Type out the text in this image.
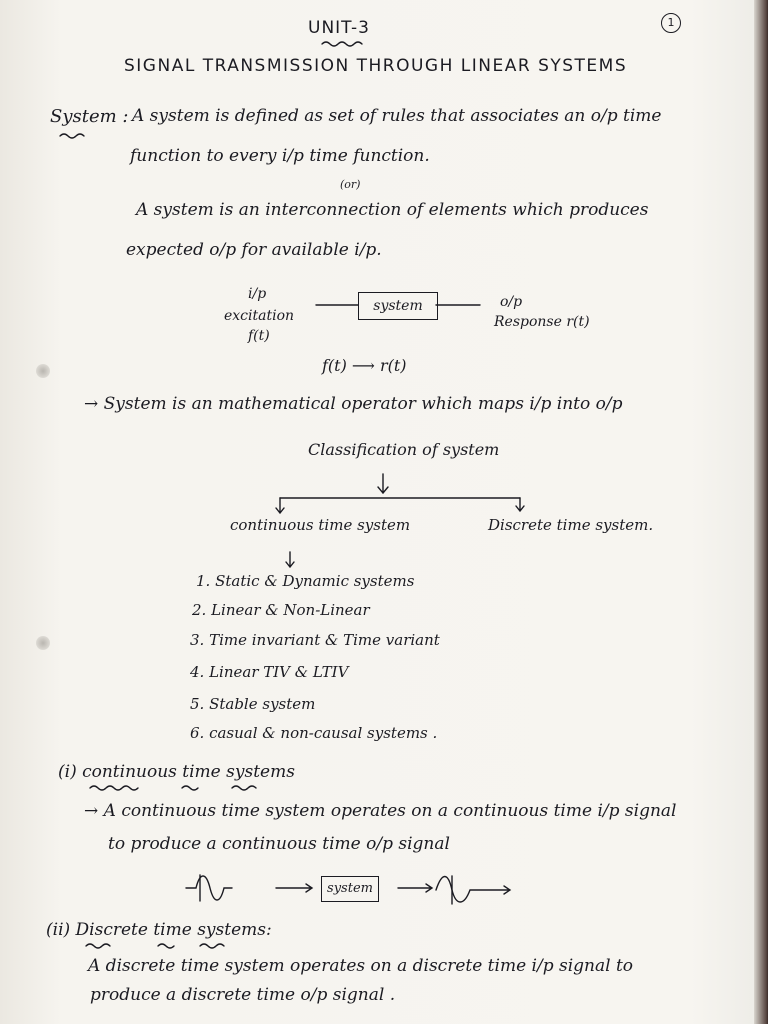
UNIT-3	1
SIGNAL TRANSMISSION THROUGH LINEAR SYSTEMS
System : A system is defined as set of rules that associates an o/p time
function to every i/p time function.
(or)
A system is an interconnection of elements which produces
expected o/p for available i/p.
i/p
excitation
f(t)
system	o/p
Response r(t)
f(t) ⟶ r(t)
→ System is an mathematical operator which maps i/p into o/p
Classification of system
continuous time system	Discrete time system.
1. Static & Dynamic systems
2. Linear & Non-Linear
3. Time invariant & Time variant
4. Linear TIV & LTIV
5. Stable system
6. casual & non-causal systems .
(i) continuous time systems
→ A continuous time system operates on a continuous time i/p signal
to produce a continuous time o/p signal
system
(ii) Discrete time systems:
A discrete time system operates on a discrete time i/p signal to
produce a discrete time o/p signal .
